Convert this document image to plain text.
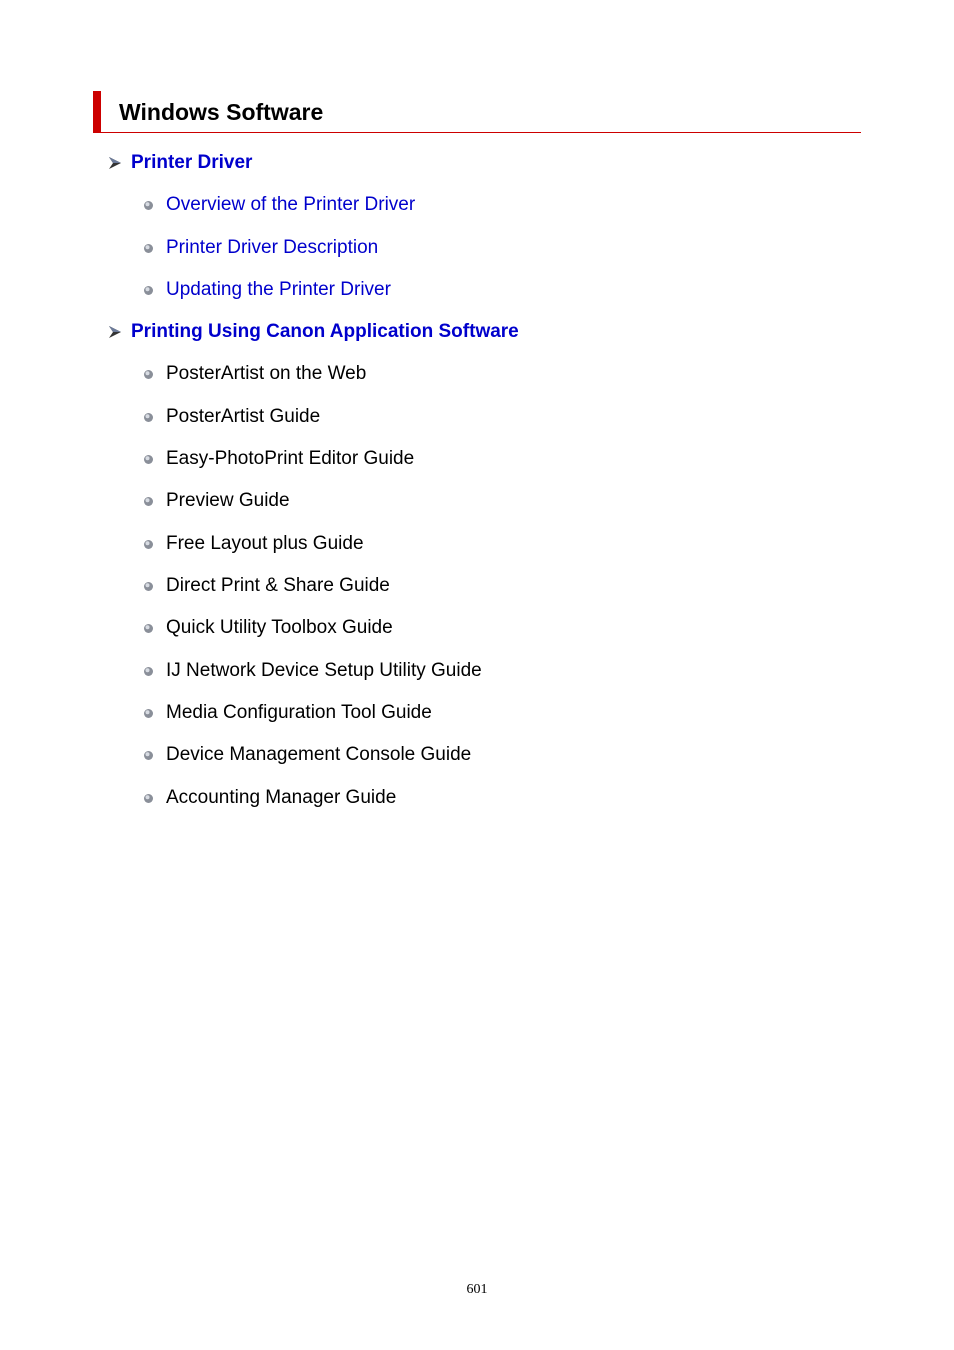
Windows Software
Printer Driver
Overview of the Printer Driver
Printer Driver Description
Updating the Printer Driver
Printing Using Canon Application Software
PosterArtist on the Web
PosterArtist Guide
Easy-PhotoPrint Editor Guide
Preview Guide
Free Layout plus Guide
Direct Print & Share Guide
Quick Utility Toolbox Guide
IJ Network Device Setup Utility Guide
Media Configuration Tool Guide
Device Management Console Guide
Accounting Manager Guide
601
